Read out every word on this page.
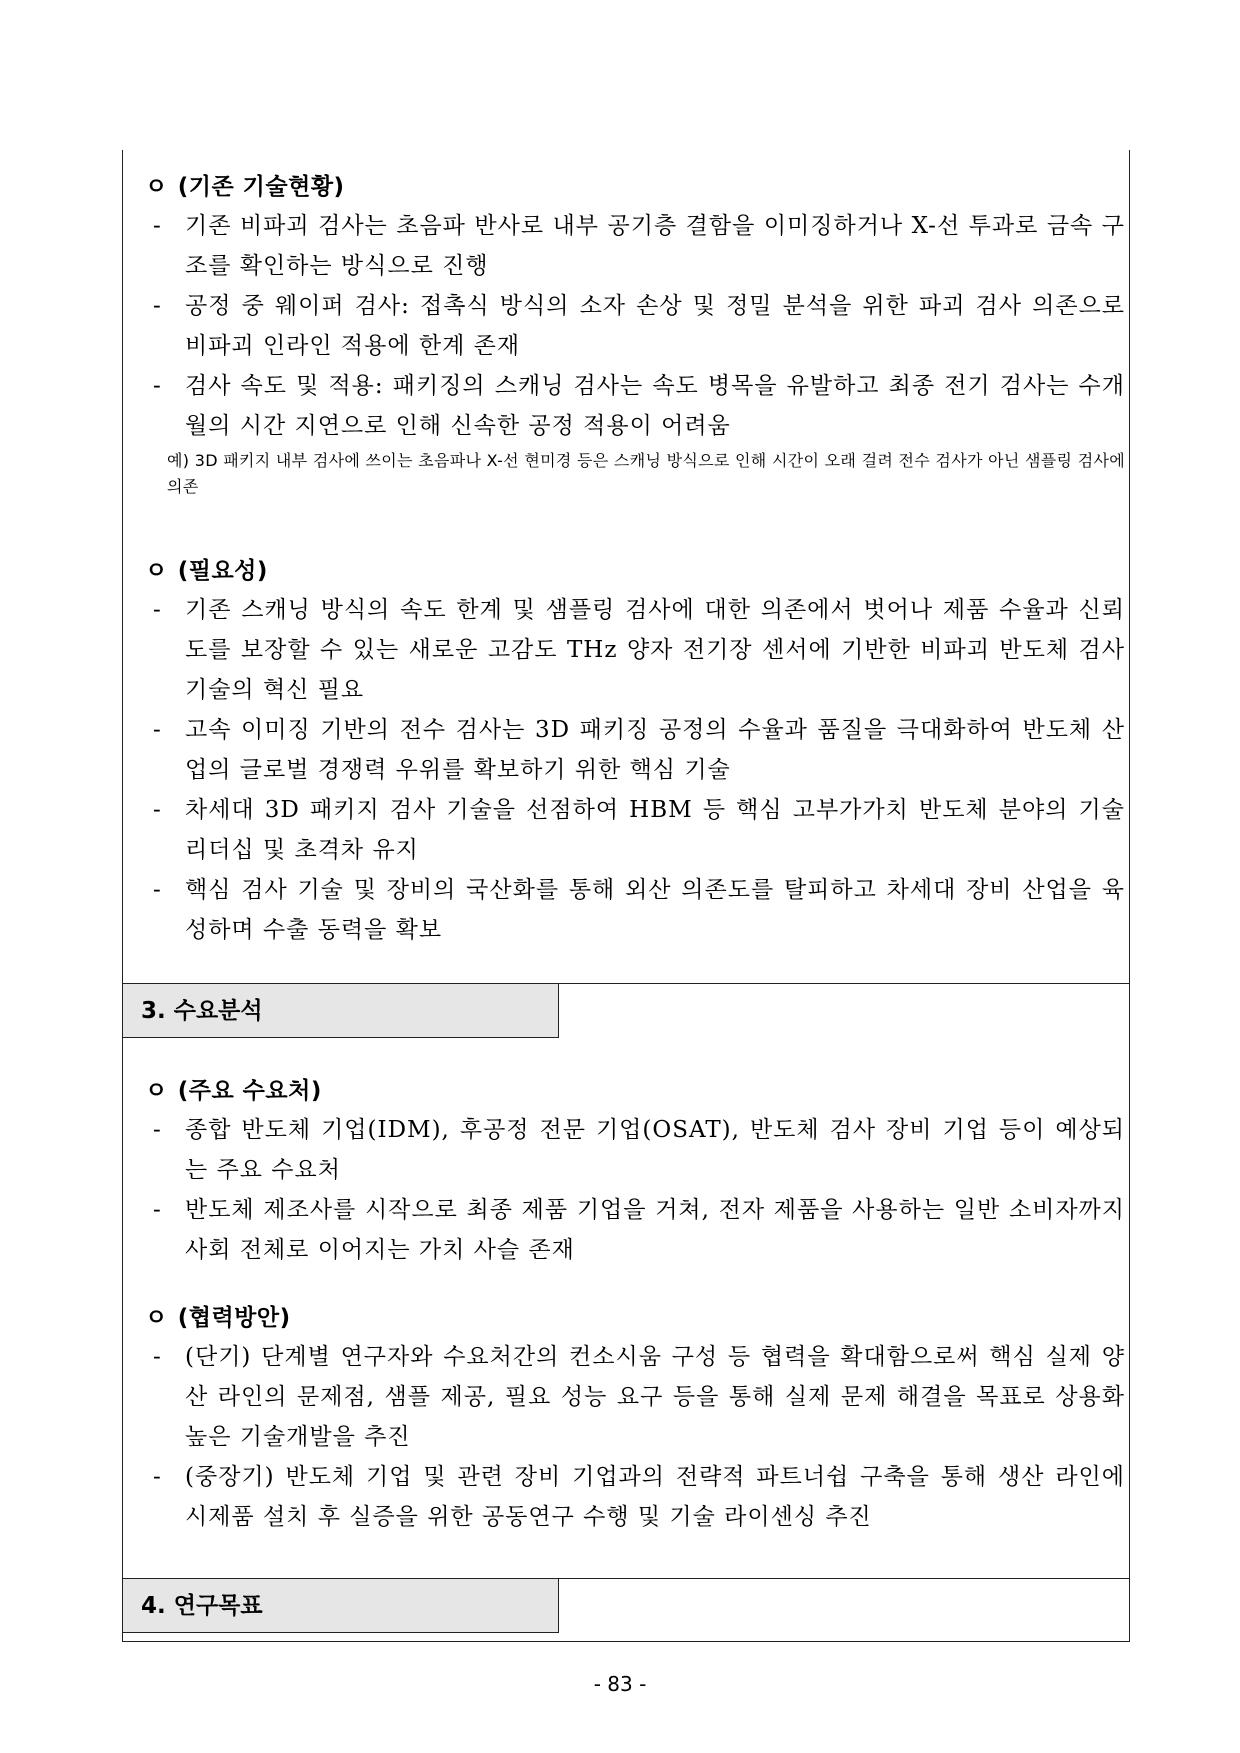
ㅇ (기존 기술현황)

- 기존 비파괴 검사는 초음파 반사로 내부 공기층 결함을 이미징하거나 X-선 투과로 금속 구조를 확인하는 방식으로 진행

- 공정 중 웨이퍼 검사: 접촉식 방식의 소자 손상 및 정밀 분석을 위한 파괴 검사 의존으로 비파괴 인라인 적용에 한계 존재

- 검사 속도 및 적용: 패키징의 스캐닝 검사는 속도 병목을 유발하고 최종 전기 검사는 수개월의 시간 지연으로 인해 신속한 공정 적용이 어려움

예) 3D 패키지 내부 검사에 쓰이는 초음파나 X-선 현미경 등은 스캐닝 방식으로 인해 시간이 오래 걸려 전수 검사가 아닌 샘플링 검사에 의존

ㅇ (필요성)

- 기존 스캐닝 방식의 속도 한계 및 샘플링 검사에 대한 의존에서 벗어나 제품 수율과 신뢰도를 보장할 수 있는 새로운 고감도 THz 양자 전기장 센서에 기반한 비파괴 반도체 검사 기술의 혁신 필요

- 고속 이미징 기반의 전수 검사는 3D 패키징 공정의 수율과 품질을 극대화하여 반도체 산업의 글로벌 경쟁력 우위를 확보하기 위한 핵심 기술

- 차세대 3D 패키지 검사 기술을 선점하여 HBM 등 핵심 고부가가치 반도체 분야의 기술 리더십 및 초격차 유지

- 핵심 검사 기술 및 장비의 국산화를 통해 외산 의존도를 탈피하고 차세대 장비 산업을 육성하며 수출 동력을 확보

3. 수요분석

ㅇ (주요 수요처)

- 종합 반도체 기업(IDM), 후공정 전문 기업(OSAT), 반도체 검사 장비 기업 등이 예상되는 주요 수요처

- 반도체 제조사를 시작으로 최종 제품 기업을 거쳐, 전자 제품을 사용하는 일반 소비자까지 사회 전체로 이어지는 가치 사슬 존재

ㅇ (협력방안)

- (단기) 단계별 연구자와 수요처간의 컨소시움 구성 등 협력을 확대함으로써 핵심 실제 양산 라인의 문제점, 샘플 제공, 필요 성능 요구 등을 통해 실제 문제 해결을 목표로 상용화 높은 기술개발을 추진

- (중장기) 반도체 기업 및 관련 장비 기업과의 전략적 파트너쉽 구축을 통해 생산 라인에 시제품 설치 후 실증을 위한 공동연구 수행 및 기술 라이센싱 추진

4. 연구목표
- 83 -
